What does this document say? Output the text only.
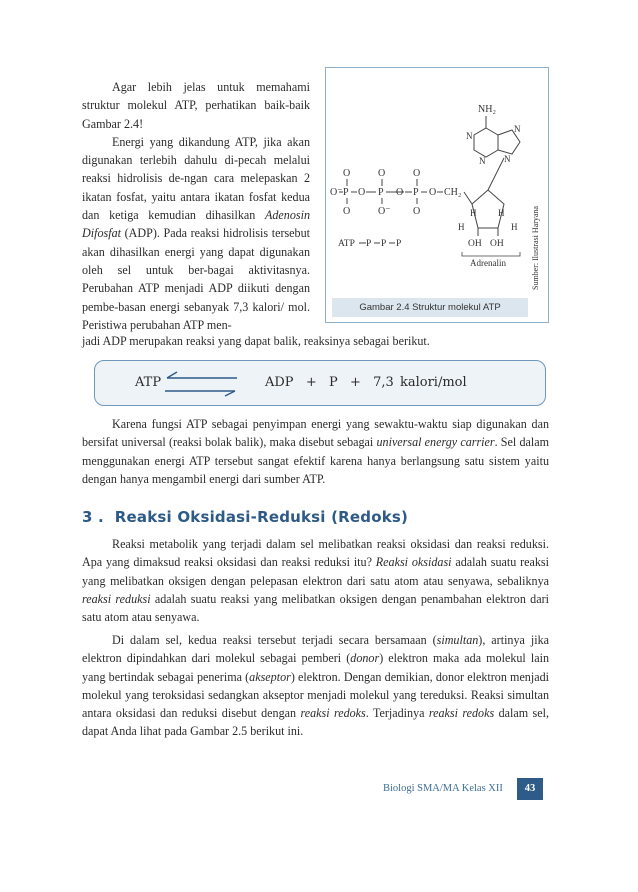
Agar lebih jelas untuk memahami struktur molekul ATP, perhatikan baik-baik Gambar 2.4!

Energi yang dikandung ATP, jika akan digunakan terlebih dahulu di-pecah melalui reaksi hidrolisis de-ngan cara melepaskan 2 ikatan fosfat, yaitu antara ikatan fosfat kedua dan ketiga kemudian dihasilkan Adenosin Difosfat (ADP). Pada reaksi hidrolisis tersebut akan dihasilkan energi yang dapat digunakan oleh sel untuk ber-bagai aktivitasnya. Perubahan ATP menjadi ADP diikuti dengan pembe-basan energi sebanyak 7,3 kalori/ mol. Peristiwa perubahan ATP men-

NH₂
N
N
N
N
O	O	O
O⁻ P O P O P O CH₂
O	O⁻ O	H H
H	H
OH OH
ATP P P P
Adrenalin
Gambar 2.4 Struktur molekul ATP

jadi ADP merupakan reaksi yang dapat balik, reaksinya sebagai berikut.

ATP	ADP  +  P  +  7,3 kalori/mol

Karena fungsi ATP sebagai penyimpan energi yang sewaktu-waktu siap digunakan dan bersifat universal (reaksi bolak balik), maka disebut sebagai universal energy carrier. Sel dalam menggunakan energi ATP tersebut sangat efektif karena hanya berlangsung satu sistem yaitu dengan hanya mengambil energi dari sumber ATP.

3 .  Reaksi Oksidasi-Reduksi (Redoks)

Reaksi metabolik yang terjadi dalam sel melibatkan reaksi oksidasi dan reaksi reduksi. Apa yang dimaksud reaksi oksidasi dan reaksi reduksi itu? Reaksi oksidasi adalah suatu reaksi yang melibatkan oksigen dengan pelepasan elektron dari satu atom atau senyawa, sebaliknya reaksi reduksi adalah suatu reaksi yang melibatkan oksigen dengan penambahan elektron dari satu atom atau senyawa.

Di dalam sel, kedua reaksi tersebut terjadi secara bersamaan (simultan), artinya jika elektron dipindahkan dari molekul sebagai pemberi (donor) elektron maka ada molekul lain yang bertindak sebagai penerima (akseptor) elektron. Dengan demikian, donor elektron menjadi molekul yang teroksidasi sedangkan akseptor menjadi molekul yang tereduksi. Reaksi simultan antara oksidasi dan reduksi disebut dengan reaksi redoks. Terjadinya reaksi redoks dalam sel, dapat Anda lihat pada Gambar 2.5 berikut ini.

Biologi SMA/MA Kelas XII	43
